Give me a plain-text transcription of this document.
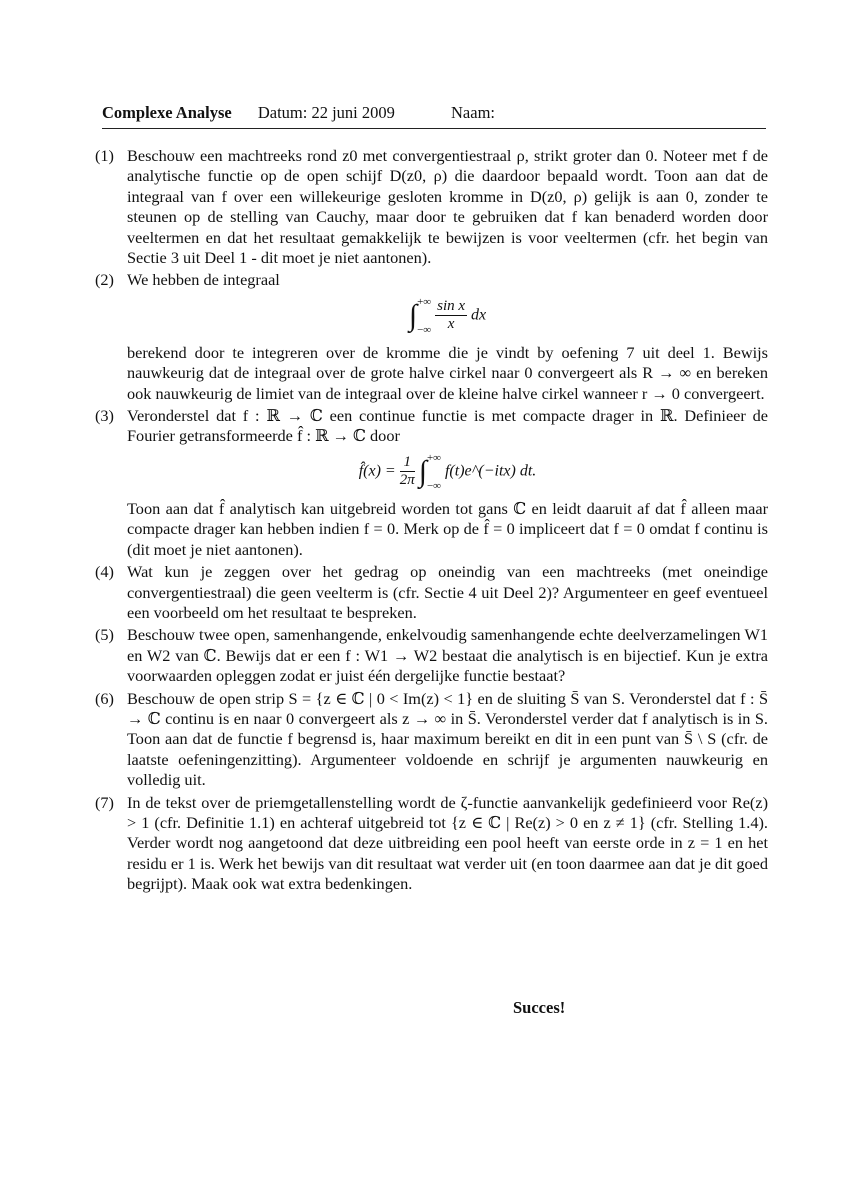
Complexe Analyse Datum: 22 juni 2009	Naam:
(1) Beschouw een machtreeks rond z0 met convergentiestraal ρ, strikt groter dan 0. Noteer met f de analytische functie op de open schijf D(z0, ρ) die daardoor bepaald wordt. Toon aan dat de integraal van f over een willekeurige gesloten kromme in D(z0, ρ) gelijk is aan 0, zonder te steunen op de stelling van Cauchy, maar door te gebruiken dat f kan benaderd worden door veeltermen en dat het resultaat gemakkelijk te bewijzen is voor veeltermen (cfr. het begin van Sectie 3 uit Deel 1 - dit moet je niet aantonen).
(2) We hebben de integraal
∫+∞

−∞ $\frac{\text{sin x}}{x}$ dx
berekend door te integreren over de kromme die je vindt by oefening 7 uit deel 1. Bewijs nauwkeurig dat de integraal over de grote halve cirkel naar 0 convergeert als R → ∞ en bereken ook nauwkeurig de limiet van de integraal over de kleine halve cirkel wanneer r → 0 convergeert.
(3) Veronderstel dat f : ℝ → ℂ een continue functie is met compacte drager in ℝ. Definieer de Fourier getransformeerde f̂ : ℝ → ℂ door
f̂(x) = $\frac{1}{2\pi}$ ∫+∞

−∞ f(t)e^(−itx) dt.
Toon aan dat f̂ analytisch kan uitgebreid worden tot gans ℂ en leidt daaruit af dat f̂ alleen maar compacte drager kan hebben indien f = 0. Merk op de f̂ = 0 impliceert dat f = 0 omdat f continu is (dit moet je niet aantonen).
(4) Wat kun je zeggen over het gedrag op oneindig van een machtreeks (met oneindige convergentiestraal) die geen veelterm is (cfr. Sectie 4 uit Deel 2)? Argumenteer en geef eventueel een voorbeeld om het resultaat te bespreken.
(5) Beschouw twee open, samenhangende, enkelvoudig samenhangende echte deelverzamelingen W1 en W2 van ℂ. Bewijs dat er een f : W1 → W2 bestaat die analytisch is en bijectief. Kun je extra voorwaarden opleggen zodat er juist één dergelijke functie bestaat?
(6) Beschouw de open strip S = {z ∈ ℂ | 0 < Im(z) < 1} en de sluiting S̄ van S. Veronderstel dat f : S̄ → ℂ continu is en naar 0 convergeert als z → ∞ in S̄. Veronderstel verder dat f analytisch is in S. Toon aan dat de functie f begrensd is, haar maximum bereikt en dit in een punt van S̄ \ S (cfr. de laatste oefeningenzitting). Argumenteer voldoende en schrijf je argumenten nauwkeurig en volledig uit.
(7) In de tekst over de priemgetallenstelling wordt de ζ-functie aanvankelijk gedefinieerd voor Re(z) > 1 (cfr. Definitie 1.1) en achteraf uitgebreid tot {z ∈ ℂ | Re(z) > 0 en z ≠ 1} (cfr. Stelling 1.4). Verder wordt nog aangetoond dat deze uitbreiding een pool heeft van eerste orde in z = 1 en het residu er 1 is. Werk het bewijs van dit resultaat wat verder uit (en toon daarmee aan dat je dit goed begrijpt). Maak ook wat extra bedenkingen.
Succes!
